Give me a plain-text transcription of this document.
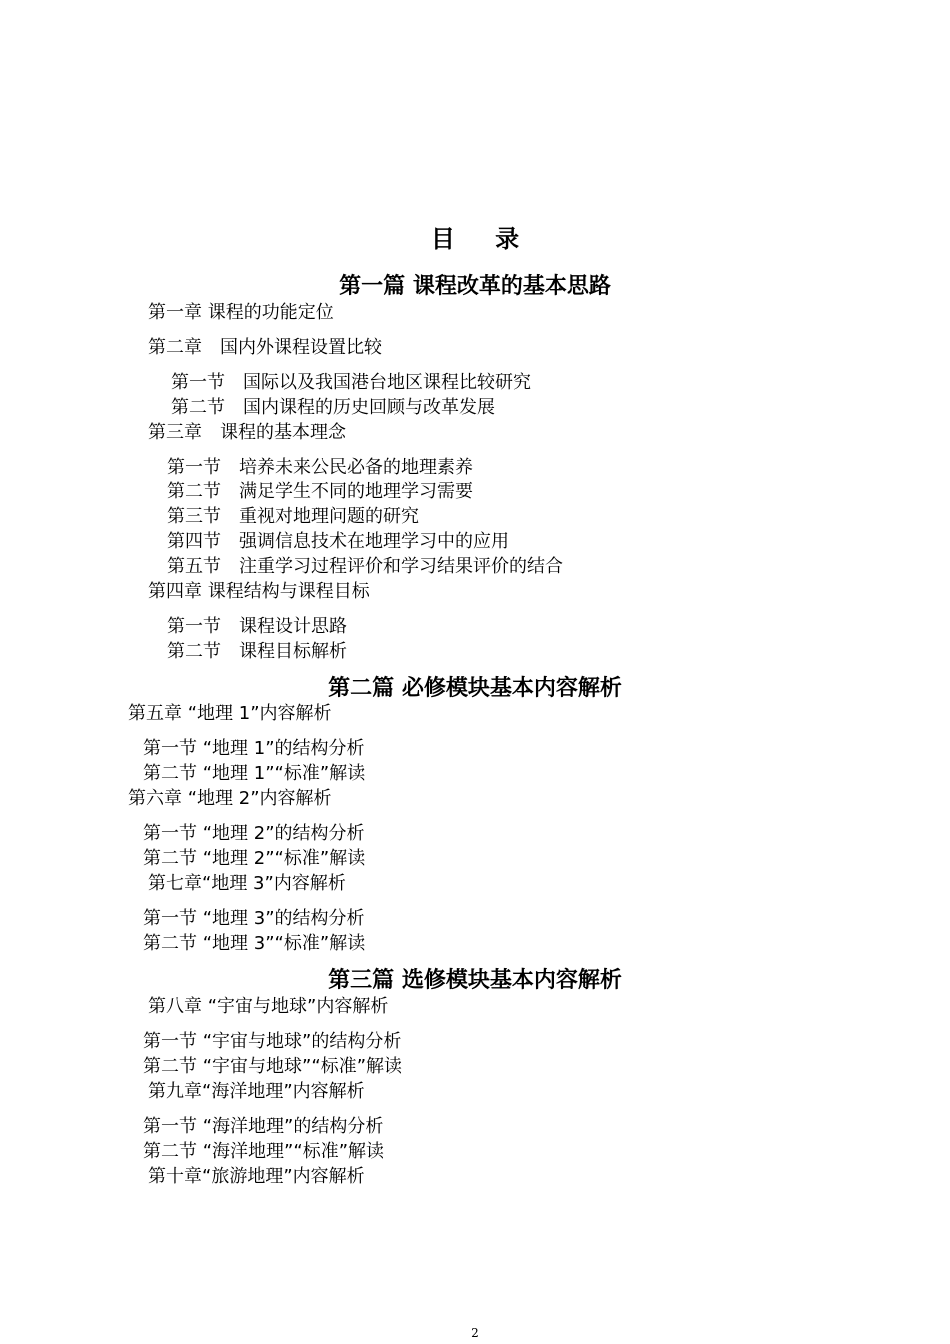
目 录
第一篇 课程改革的基本思路
第二篇 必修模块基本内容解析
第三篇 选修模块基本内容解析
第一章 课程的功能定位
第二章　国内外课程设置比较
第一节　国际以及我国港台地区课程比较研究
第二节　国内课程的历史回顾与改革发展
第三章　课程的基本理念
第一节　培养未来公民必备的地理素养
第二节　满足学生不同的地理学习需要
第三节　重视对地理问题的研究
第四节　强调信息技术在地理学习中的应用
第五节　注重学习过程评价和学习结果评价的结合
第四章 课程结构与课程目标
第一节　课程设计思路
第二节　课程目标解析
第五章 “地理 1”内容解析
第一节 “地理 1”的结构分析
第二节 “地理 1”“标准”解读
第六章 “地理 2”内容解析
第一节 “地理 2”的结构分析
第二节 “地理 2”“标准”解读
第七章“地理 3”内容解析
第一节 “地理 3”的结构分析
第二节 “地理 3”“标准”解读
第八章 “宇宙与地球”内容解析
第一节 “宇宙与地球”的结构分析
第二节 “宇宙与地球”“标准”解读
第九章“海洋地理”内容解析
第一节 “海洋地理”的结构分析
第二节 “海洋地理”“标准”解读
第十章“旅游地理”内容解析
2
